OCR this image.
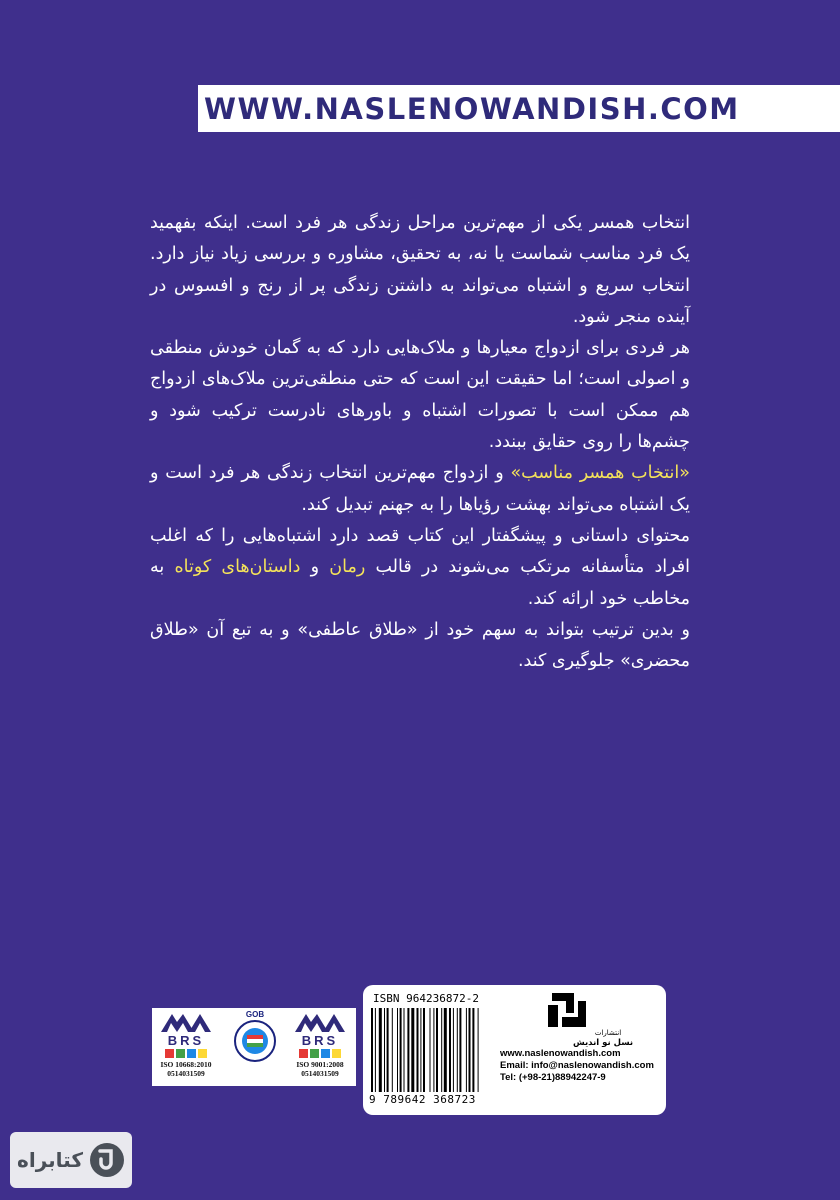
WWW.NASLENOWANDISH.COM

انتخاب همسر یکی از مهم‌ترین مراحل زندگی هر فرد است. اینکه بفهمید یک فرد مناسب شماست یا نه، به تحقیق، مشاوره و بررسی زیاد نیاز دارد. انتخاب سریع و اشتباه می‌تواند به داشتن زندگی پر از رنج و افسوس در آینده منجر شود.

هر فردی برای ازدواج معیارها و ملاک‌هایی دارد که به گمان خودش منطقی و اصولی است؛ اما حقیقت این است که حتی منطقی‌ترین ملاک‌های ازدواج هم ممکن است با تصورات اشتباه و باورهای نادرست ترکیب شود و چشم‌ها را روی حقایق ببندد.

«انتخاب همسر مناسب» و ازدواج مهم‌ترین انتخاب زندگی هر فرد است و یک اشتباه می‌تواند بهشت رؤیاها را به جهنم تبدیل کند.

محتوای داستانی و پیشگفتار این کتاب قصد دارد اشتباه‌هایی را که اغلب افراد متأسفانه مرتکب می‌شوند در قالب رمان و داستان‌های کوتاه به مخاطب خود ارائه کند.

و بدین ترتیب بتواند به سهم خود از «طلاق عاطفی» و به تبع آن «طلاق محضری» جلوگیری کند.

BRS
ISO 10668:2010
0514031509
GOB
BRS
ISO 9001:2008
0514031509
ISBN 964236872-2
9 789642 368723
انتشارات
نسل نو اندیش
www.naslenowandish.com
Email: info@naslenowandish.com
Tel: (+98-21)88942247-9
کتابراه
